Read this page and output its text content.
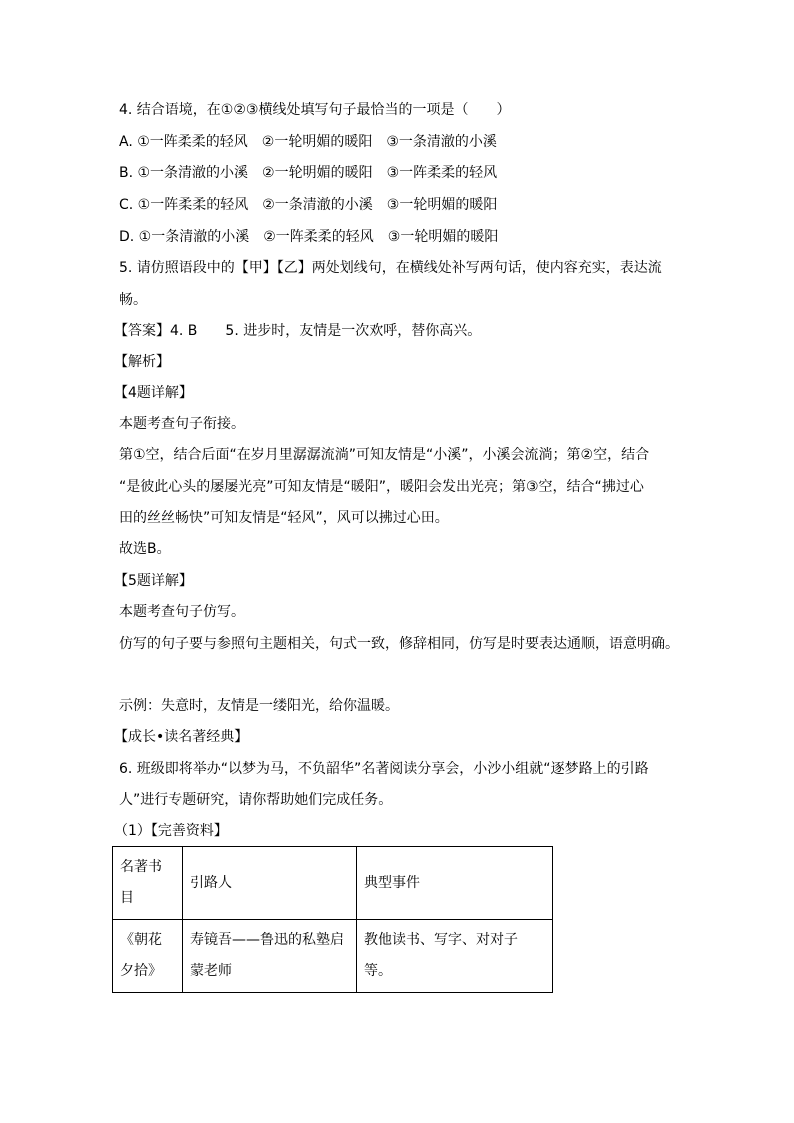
4. 结合语境，在①②③横线处填写句子最恰当的一项是（　　）
A. ①一阵柔柔的轻风　②一轮明媚的暖阳　③一条清澈的小溪
B. ①一条清澈的小溪　②一轮明媚的暖阳　③一阵柔柔的轻风
C. ①一阵柔柔的轻风　②一条清澈的小溪　③一轮明媚的暖阳
D. ①一条清澈的小溪　②一阵柔柔的轻风　③一轮明媚的暖阳
5. 请仿照语段中的【甲】【乙】两处划线句，在横线处补写两句话，使内容充实，表达流
畅。
【答案】4. B　　5. 进步时，友情是一次欢呼，替你高兴。
【解析】
【4题详解】
本题考查句子衔接。
第①空，结合后面“在岁月里潺潺流淌”可知友情是“小溪”，小溪会流淌；第②空，结合
“是彼此心头的屡屡光亮”可知友情是“暖阳”，暖阳会发出光亮；第③空，结合“拂过心
田的丝丝畅快”可知友情是“轻风”，风可以拂过心田。
故选B。
【5题详解】
本题考查句子仿写。
仿写的句子要与参照句主题相关，句式一致，修辞相同，仿写是时要表达通顺，语意明确。
示例：失意时，友情是一缕阳光，给你温暖。
【成长•读名著经典】
6. 班级即将举办“以梦为马，不负韶华”名著阅读分享会，小沙小组就“逐梦路上的引路
人”进行专题研究，请你帮助她们完成任务。
（1）【完善资料】
名著书目	引路人	典型事件
《朝花夕拾》	寿镜吾——鲁迅的私塾启蒙老师	教他读书、写字、对对子等。
